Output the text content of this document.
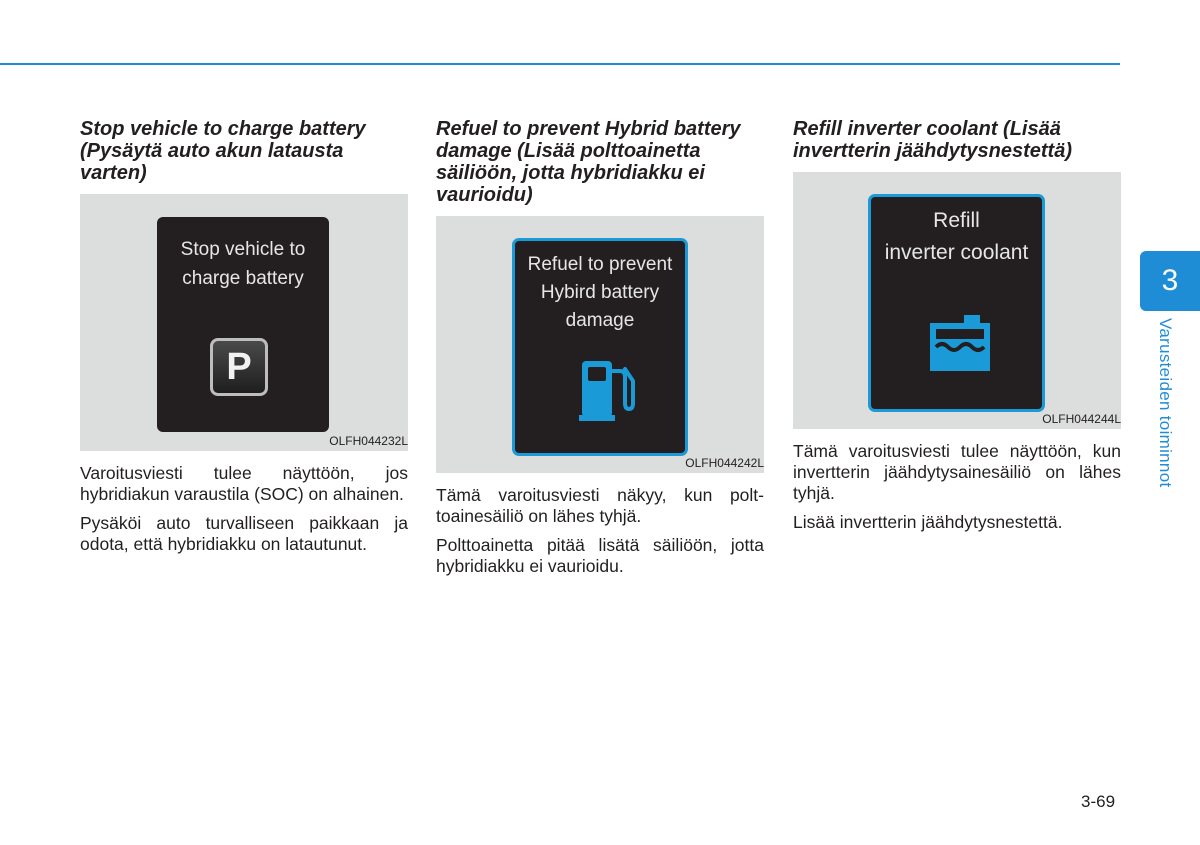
Stop vehicle to charge battery (Pysäytä auto akun latausta varten)
Stop vehicle to
charge battery
P
OLFH044232L

Varoitusviesti tulee näyttöön, jos hybridiakun varaustila (SOC) on alhainen.

Pysäköi auto turvalliseen paikkaan ja odota, että hybridiakku on latautunut.

Refuel to prevent Hybrid battery damage (Lisää polttoainetta säiliöön, jotta hybridiakku ei vaurioidu)
Refuel to prevent
Hybird battery
damage
OLFH044242L

Tämä varoitusviesti näkyy, kun polt-toainesäiliö on lähes tyhjä.

Polttoainetta pitää lisätä säiliöön, jotta hybridiakku ei vaurioidu.

Refill inverter coolant (Lisää invertterin jäähdytysnestettä)
Refill
inverter coolant
OLFH044244L

Tämä varoitusviesti tulee näyttöön, kun invertterin jäähdytysainesäiliö on lähes tyhjä.

Lisää invertterin jäähdytysnestettä.

3
Varusteiden toiminnot
3-69
